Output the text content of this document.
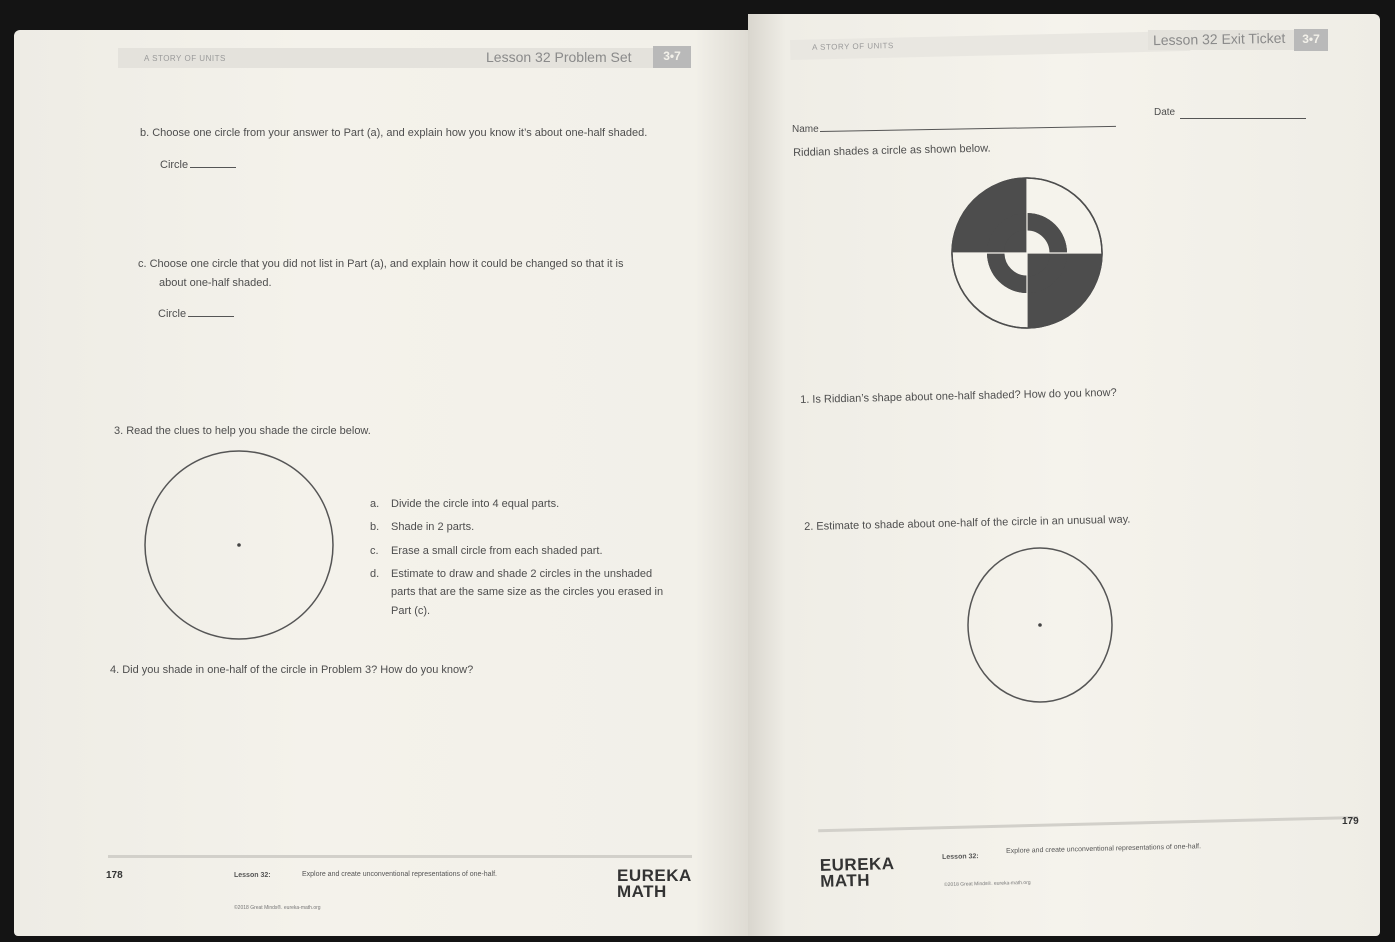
A STORY OF UNITS	Lesson 32 Problem Set	3•7
b. Choose one circle from your answer to Part (a), and explain how you know it’s about one-half shaded.
Circle
c. Choose one circle that you did not list in Part (a), and explain how it could be changed so that it is
about one-half shaded.
Circle
3. Read the clues to help you shade the circle below.
a. Divide the circle into 4 equal parts.
b. Shade in 2 parts.
c. Erase a small circle from each shaded part.
d. Estimate to draw and shade 2 circles in the unshaded
parts that are the same size as the circles you erased in
Part (c).
4. Did you shade in one-half of the circle in Problem 3? How do you know?
178	Lesson 32:	Explore and create unconventional representations of one-half.
©2018 Great Minds®. eureka-math.org
EUREKA
MATH
A STORY OF UNITS	Lesson 32 Exit Ticket	3•7
Name
Date
Riddian shades a circle as shown below.
1. Is Riddian’s shape about one-half shaded? How do you know?
2. Estimate to shade about one-half of the circle in an unusual way.
179
EUREKA
MATH
Lesson 32:
Explore and create unconventional representations of one-half.
©2018 Great Minds®. eureka-math.org
